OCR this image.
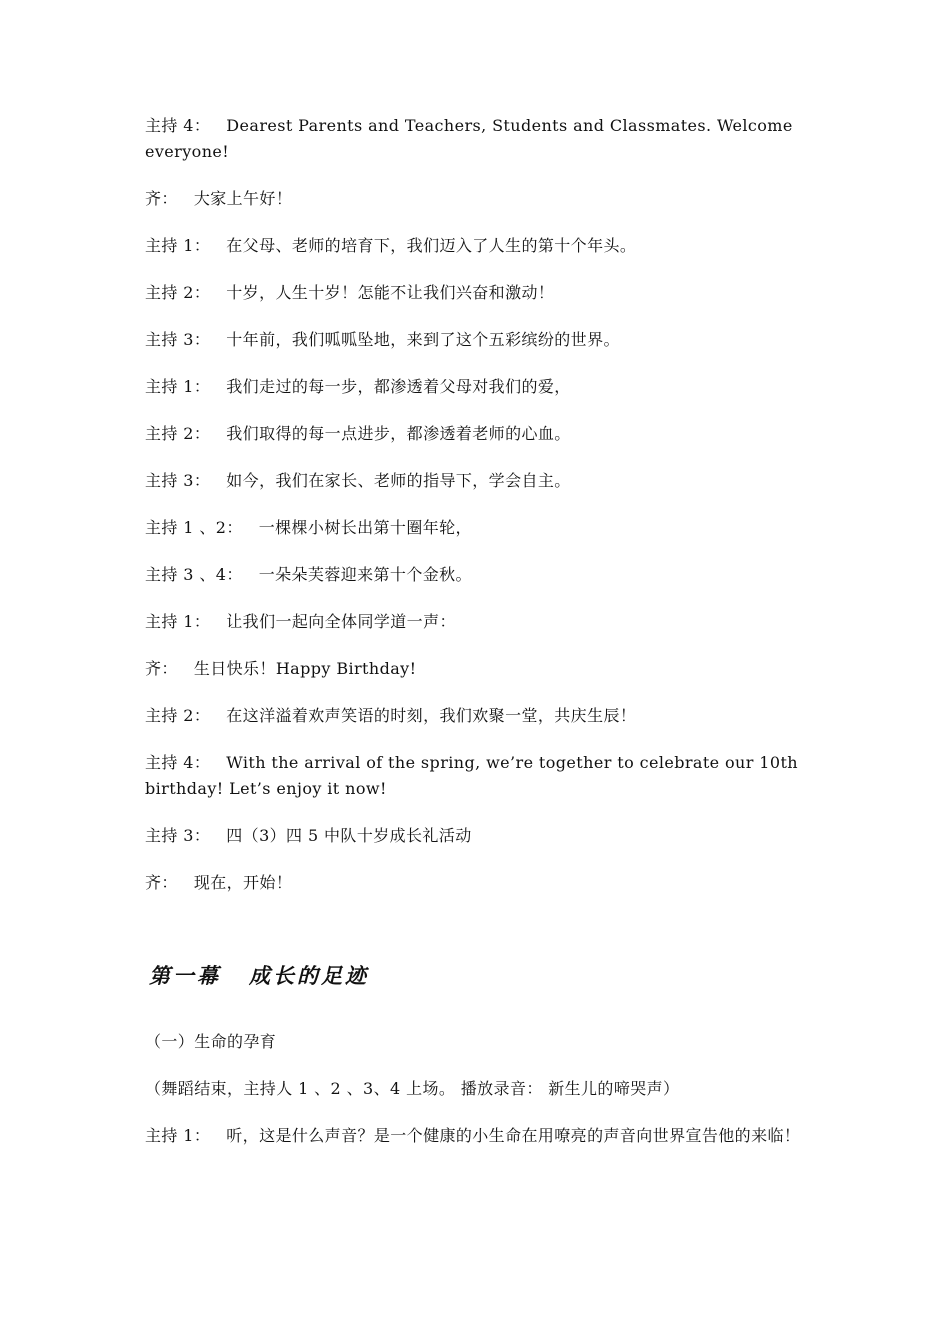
主持 4： Dearest Parents and Teachers, Students and Classmates. Welcome everyone!

齐： 大家上午好！

主持 1： 在父母、老师的培育下，我们迈入了人生的第十个年头。

主持 2： 十岁，人生十岁！怎能不让我们兴奋和激动！

主持 3： 十年前，我们呱呱坠地，来到了这个五彩缤纷的世界。

主持 1： 我们走过的每一步，都渗透着父母对我们的爱，

主持 2： 我们取得的每一点进步，都渗透着老师的心血。

主持 3： 如今，我们在家长、老师的指导下，学会自主。

主持 1 、2： 一棵棵小树长出第十圈年轮，

主持 3 、4： 一朵朵芙蓉迎来第十个金秋。

主持 1： 让我们一起向全体同学道一声：

齐： 生日快乐！Happy Birthday!

主持 2： 在这洋溢着欢声笑语的时刻，我们欢聚一堂，共庆生辰！

主持 4： With the arrival of the spring, we’re together to celebrate our 10th birthday! Let’s enjoy it now!

主持 3： 四（3）四 5 中队十岁成长礼活动

齐： 现在，开始！

第一幕 成长的足迹

（一）生命的孕育

（舞蹈结束，主持人 1 、2 、3、4 上场。 播放录音： 新生儿的啼哭声）

主持 1： 听，这是什么声音？是一个健康的小生命在用嘹亮的声音向世界宣告他的来临！
